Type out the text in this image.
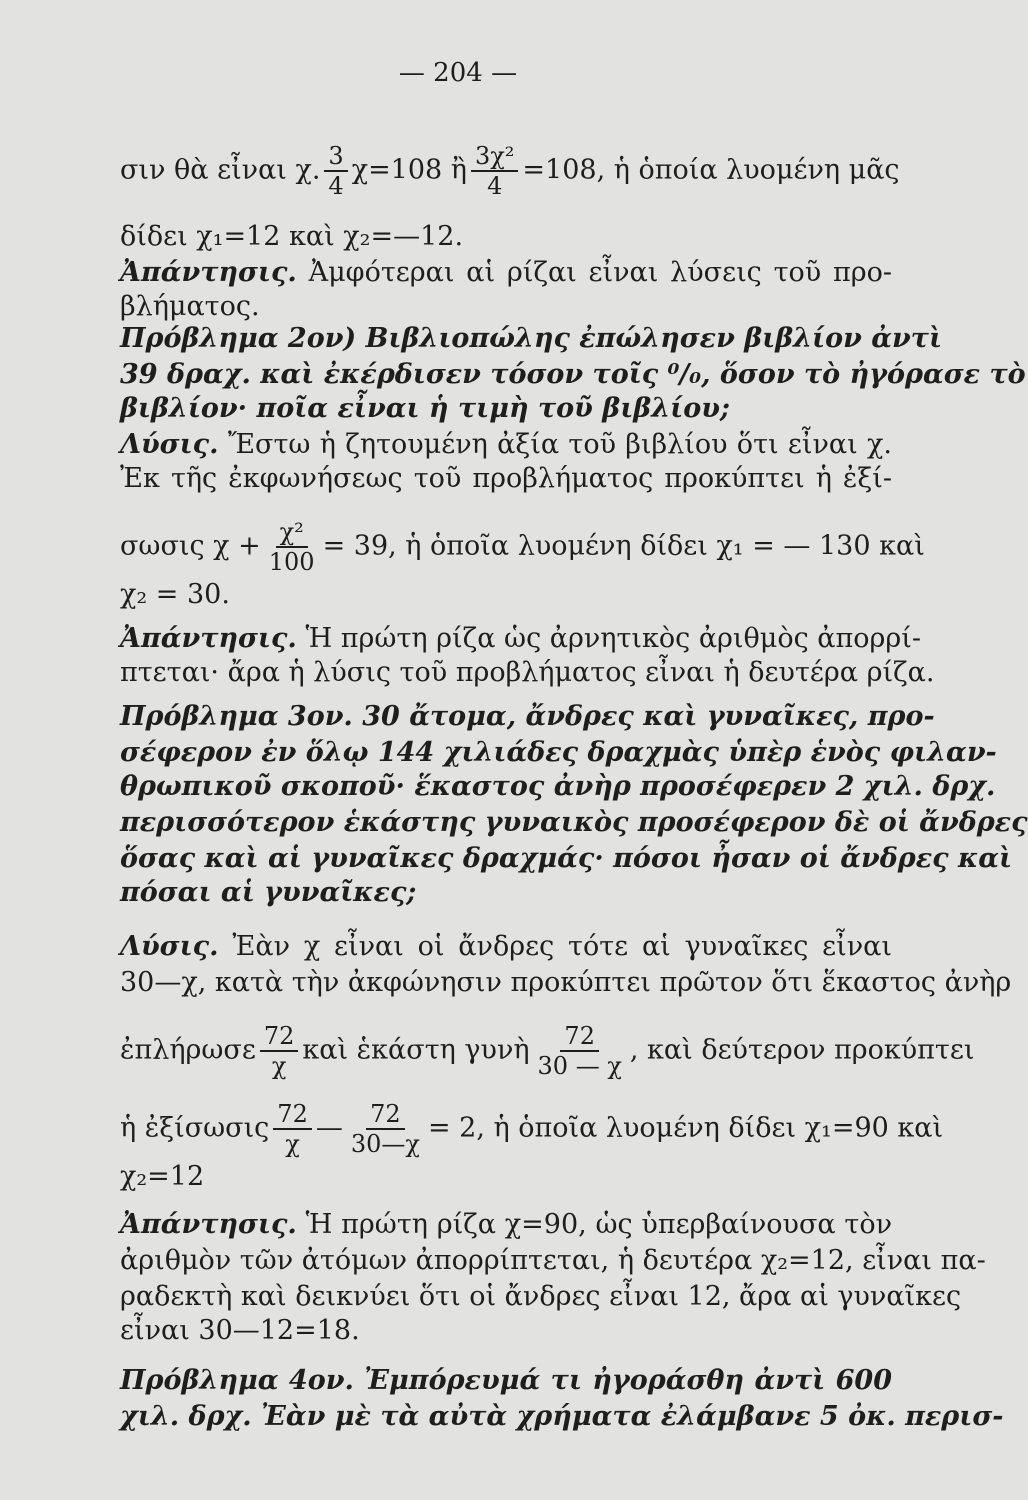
— 204 —
σιν θὰ εἶναι χ. $\frac{3}{4} \chi=108$ ἢ $\frac{\text{3χ²}}{4} =108$, ἡ ὁποία λυομένη μᾶς
δίδει χ₁=12 καὶ χ₂=—12.
Ἀπάντησις. Ἀμφότεραι αἱ ρίζαι εἶναι λύσεις τοῦ προ-
βλήματος.
Πρόβλημα 2ον) Βιβλιοπώλης ἐπώλησεν βιβλίον ἀντὶ
39 δραχ. καὶ ἐκέρδισεν τόσον τοῖς ⁰/₀, ὅσον τὸ ἠγόρασε τὸ
βιβλίον· ποῖα εἶναι ἡ τιμὴ τοῦ βιβλίου;
Λύσις. Ἔστω ἡ ζητουμένη ἀξία τοῦ βιβλίου ὅτι εἶναι χ.
Ἐκ τῆς ἐκφωνήσεως τοῦ προβλήματος προκύπτει ἡ ἐξί-
σωσις $\chi + \frac{\text{χ²}}{100} = 39$, ἡ ὁποῖα λυομένη δίδει χ₁ = — 130 καὶ
χ₂ = 30.
Ἀπάντησις. Ἡ πρώτη ρίζα ὡς ἀρνητικὸς ἀριθμὸς ἀπορρί-
πτεται· ἄρα ἡ λύσις τοῦ προβλήματος εἶναι ἡ δευτέρα ρίζα.
Πρόβλημα 3ον. 30 ἄτομα, ἄνδρες καὶ γυναῖκες, προ-
σέφερον ἐν ὅλῳ 144 χιλιάδες δραχμὰς ὑπὲρ ἑνὸς φιλαν-
θρωπικοῦ σκοποῦ· ἕκαστος ἀνὴρ προσέφερεν 2 χιλ. δρχ.
περισσότερον ἑκάστης γυναικὸς προσέφερον δὲ οἱ ἄνδρες
ὅσας καὶ αἱ γυναῖκες δραχμάς· πόσοι ἦσαν οἱ ἄνδρες καὶ
πόσαι αἱ γυναῖκες;
Λύσις. Ἐὰν χ εἶναι οἱ ἄνδρες τότε αἱ γυναῖκες εἶναι
30—χ, κατὰ τὴν ἀκφώνησιν προκύπτει πρῶτον ὅτι ἕκαστος ἀνὴρ
ἐπλήρωσε $\frac{72}{\chi}$ καὶ ἑκάστη γυνὴ $\frac{72}{30 — \chi}$ , καὶ δεύτερον προκύπτει
ἡ ἐξίσωσις $\frac{72}{\chi}$ — $\frac{72}{30—\chi} = 2$, ἡ ὁποῖα λυομένη δίδει χ₁=90 καὶ
χ₂=12
Ἀπάντησις. Ἡ πρώτη ρίζα χ=90, ὡς ὑπερβαίνουσα τὸν
ἀριθμὸν τῶν ἀτόμων ἀπορρίπτεται, ἡ δευτέρα χ₂=12, εἶναι πα-
ραδεκτὴ καὶ δεικνύει ὅτι οἱ ἄνδρες εἶναι 12, ἄρα αἱ γυναῖκες
εἶναι 30—12=18.
Πρόβλημα 4ον. Ἐμπόρευμά τι ἠγοράσθη ἀντὶ 600
χιλ. δρχ. Ἐὰν μὲ τὰ αὐτὰ χρήματα ἐλάμβανε 5 ὀκ. περισ-
